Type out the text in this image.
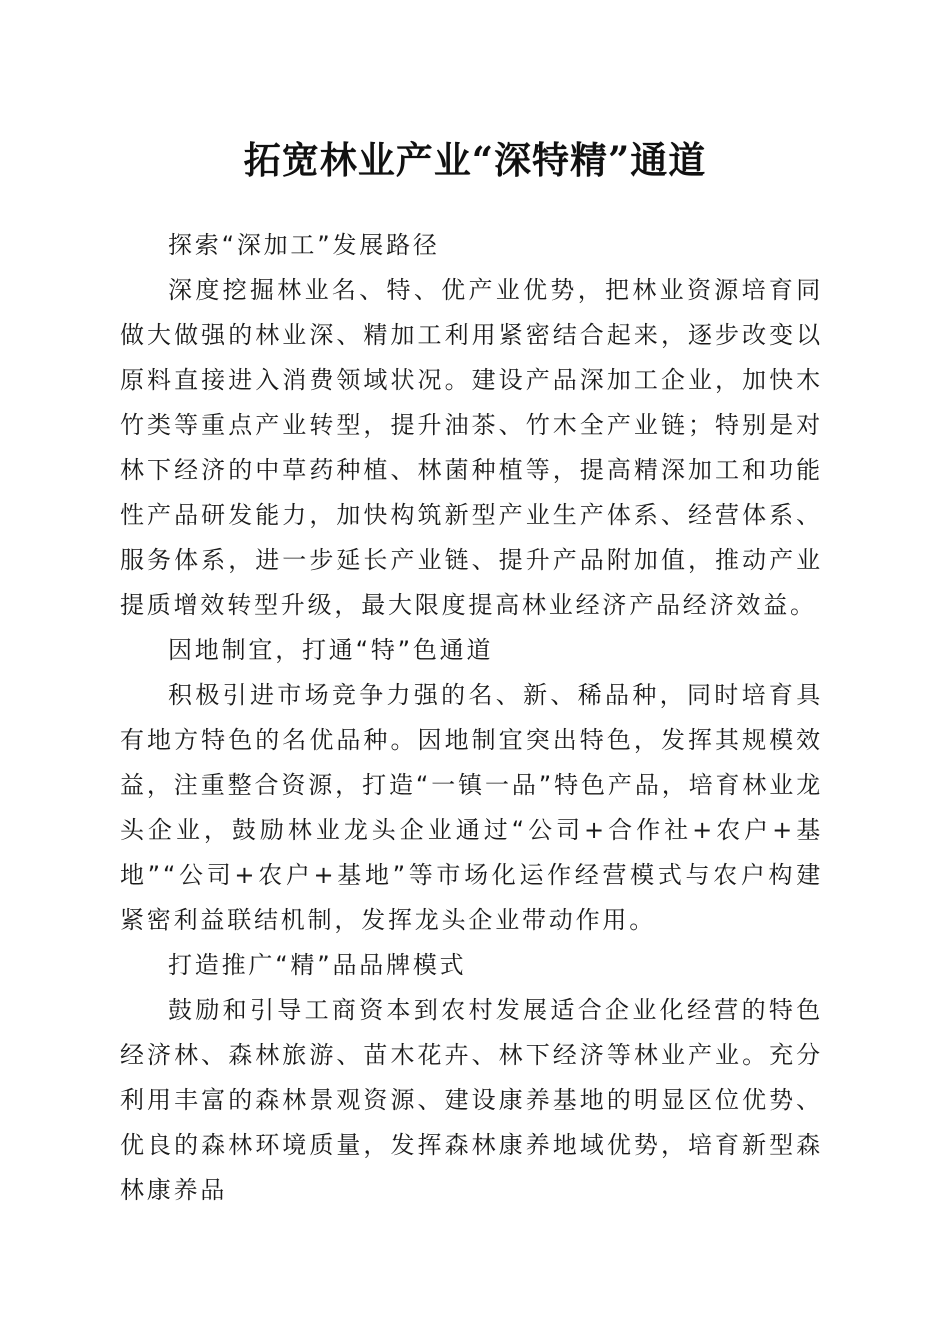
拓宽林业产业“深特精”通道

探索“深加工”发展路径

深度挖掘林业名、特、优产业优势，把林业资源培育同做大做强的林业深、精加工利用紧密结合起来，逐步改变以原料直接进入消费领域状况。建设产品深加工企业，加快木竹类等重点产业转型，提升油茶、竹木全产业链；特别是对林下经济的中草药种植、林菌种植等，提高精深加工和功能性产品研发能力，加快构筑新型产业生产体系、经营体系、服务体系，进一步延长产业链、提升产品附加值，推动产业提质增效转型升级，最大限度提高林业经济产品经济效益。

因地制宜，打通“特”色通道

积极引进市场竞争力强的名、新、稀品种，同时培育具有地方特色的名优品种。因地制宜突出特色，发挥其规模效益，注重整合资源，打造“一镇一品”特色产品，培育林业龙头企业，鼓励林业龙头企业通过“公司+合作社+农户+基地”“公司+农户+基地”等市场化运作经营模式与农户构建紧密利益联结机制，发挥龙头企业带动作用。

打造推广“精”品品牌模式

鼓励和引导工商资本到农村发展适合企业化经营的特色经济林、森林旅游、苗木花卉、林下经济等林业产业。充分利用丰富的森林景观资源、建设康养基地的明显区位优势、优良的森林环境质量，发挥森林康养地域优势，培育新型森林康养品
